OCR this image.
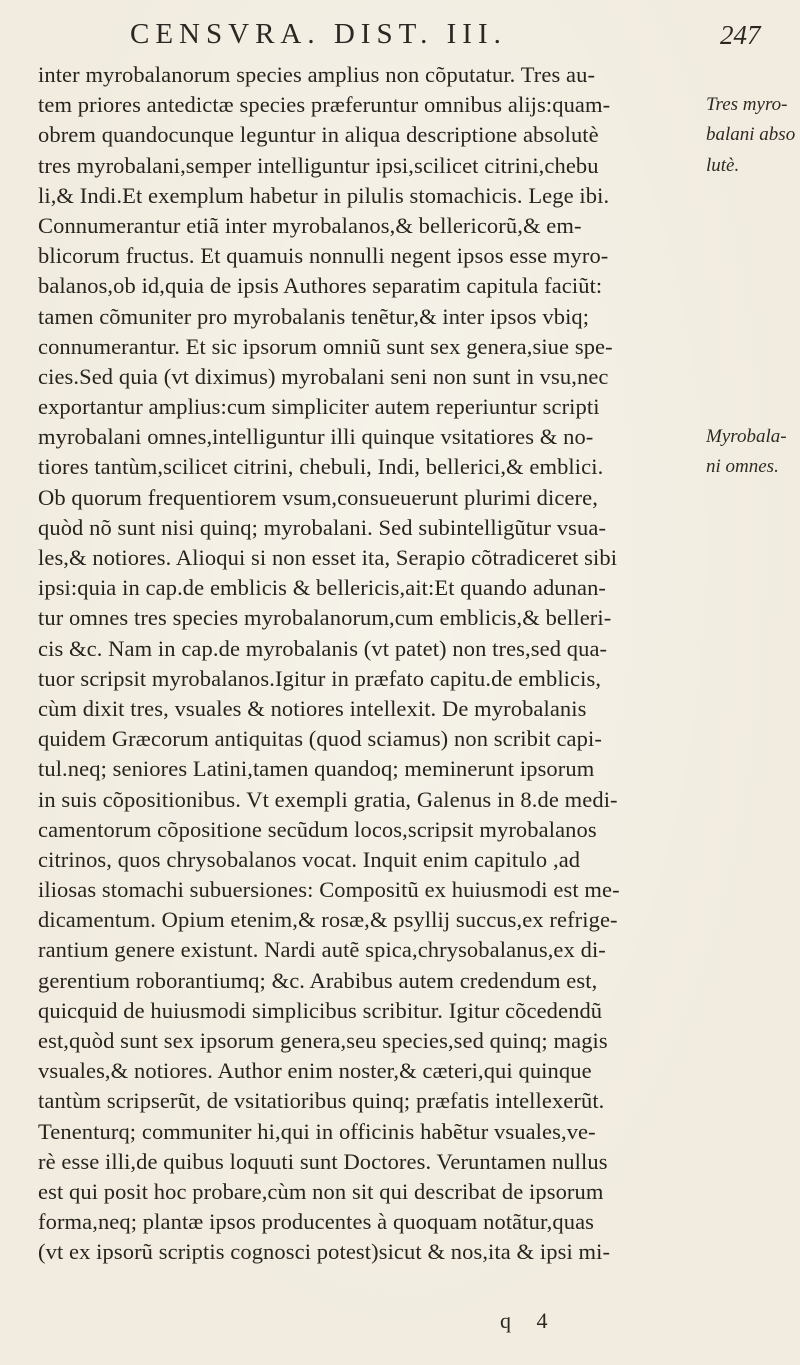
CENSVRA. DIST. III.	247
inter myrobalanorum species amplius non cõputatur. Tres au-
tem priores antedictæ species præferuntur omnibus alijs:quam-
obrem quandocunque leguntur in aliqua descriptione absolutè
tres myrobalani,semper intelliguntur ipsi,scilicet citrini,chebu
li,& Indi.Et exemplum habetur in pilulis stomachicis. Lege ibi.
Connumerantur etiã inter myrobalanos,& bellericorũ,& em-
blicorum fructus. Et quamuis nonnulli negent ipsos esse myro-
balanos,ob id,quia de ipsis Authores separatim capitula faciũt:
tamen cõmuniter pro myrobalanis tenẽtur,& inter ipsos vbiq;
connumerantur. Et sic ipsorum omniũ sunt sex genera,siue spe-
cies.Sed quia (vt diximus) myrobalani seni non sunt in vsu,nec
exportantur amplius:cum simpliciter autem reperiuntur scripti
myrobalani omnes,intelliguntur illi quinque vsitatiores & no-
tiores tantùm,scilicet citrini, chebuli, Indi, bellerici,& emblici.
Ob quorum frequentiorem vsum,consueuerunt plurimi dicere,
quòd nõ sunt nisi quinq; myrobalani. Sed subintelligũtur vsua-
les,& notiores. Alioqui si non esset ita, Serapio cõtradiceret sibi
ipsi:quia in cap.de emblicis & bellericis,ait:Et quando adunan-
tur omnes tres species myrobalanorum,cum emblicis,& belleri-
cis &c. Nam in cap.de myrobalanis (vt patet) non tres,sed qua-
tuor scripsit myrobalanos.Igitur in præfato capitu.de emblicis,
cùm dixit tres, vsuales & notiores intellexit. De myrobalanis
quidem Græcorum antiquitas (quod sciamus) non scribit capi-
tul.neq; seniores Latini,tamen quandoq; meminerunt ipsorum
in suis cõpositionibus. Vt exempli gratia, Galenus in 8.de medi-
camentorum cõpositione secũdum locos,scripsit myrobalanos
citrinos, quos chrysobalanos vocat. Inquit enim capitulo ,ad
iliosas stomachi subuersiones: Compositũ ex huiusmodi est me-
dicamentum. Opium etenim,& rosæ,& psyllij succus,ex refrige-
rantium genere existunt. Nardi autẽ spica,chrysobalanus,ex di-
gerentium roborantiumq; &c. Arabibus autem credendum est,
quicquid de huiusmodi simplicibus scribitur. Igitur cõcedendũ
est,quòd sunt sex ipsorum genera,seu species,sed quinq; magis
vsuales,& notiores. Author enim noster,& cæteri,qui quinque
tantùm scripserũt, de vsitatioribus quinq; præfatis intellexerũt.
Tenenturq; communiter hi,qui in officinis habẽtur vsuales,ve-
rè esse illi,de quibus loquuti sunt Doctores. Veruntamen nullus
est qui posit hoc probare,cùm non sit qui describat de ipsorum
forma,neq; plantæ ipsos producentes à quoquam notãtur,quas
(vt ex ipsorũ scriptis cognosci potest)sicut & nos,ita & ipsi mi-
Tres myro-
balani abso
lutè.
Myrobala-
ni omnes.
q 4
